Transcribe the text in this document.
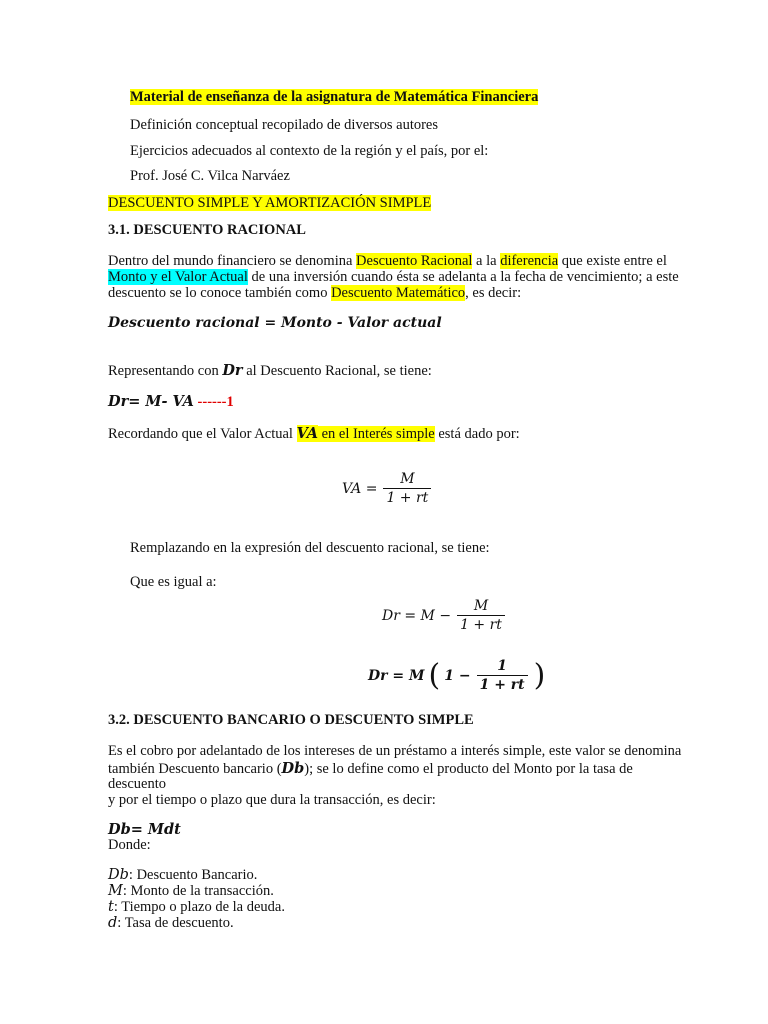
Material de enseñanza de la asignatura de Matemática Financiera
Definición conceptual recopilado de diversos autores
Ejercicios adecuados al contexto de la región y el país, por el:
Prof. José C. Vilca Narváez
DESCUENTO SIMPLE Y AMORTIZACIÓN SIMPLE
3.1. DESCUENTO RACIONAL
Dentro del mundo financiero se denomina Descuento Racional a la diferencia que existe entre el
Monto y el Valor Actual de una inversión cuando ésta se adelanta a la fecha de vencimiento; a este
descuento se lo conoce también como Descuento Matemático, es decir:
Descuento racional = Monto - Valor actual
Representando con Dr al Descuento Racional, se tiene:
Dr= M- VA ------1
Recordando que el Valor Actual VA en el Interés simple está dado por:
VA = $\frac{M}{1 + rt}$
Remplazando en la expresión del descuento racional, se tiene:
Que es igual a:
$Dr = M - \frac{M}{1 + rt}$
Dr = M ( $1 - \frac{1}{1 + rt}$ )
3.2. DESCUENTO BANCARIO O DESCUENTO SIMPLE
Es el cobro por adelantado de los intereses de un préstamo a interés simple, este valor se denomina
también Descuento bancario (Db); se lo define como el producto del Monto por la tasa de
descuento
y por el tiempo o plazo que dura la transacción, es decir:
Db= Mdt
Donde:
Db: Descuento Bancario.
M: Monto de la transacción.
t: Tiempo o plazo de la deuda.
d: Tasa de descuento.
